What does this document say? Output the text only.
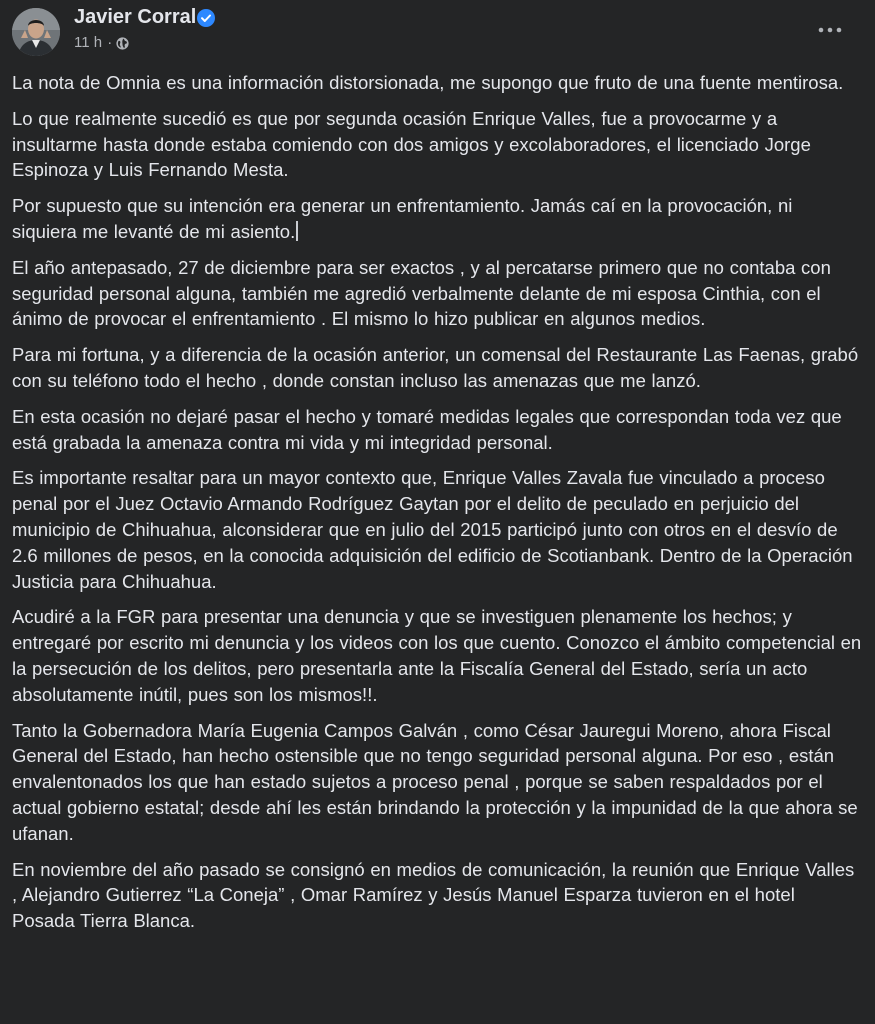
Javier Corral
11 h ·

La nota de Omnia es una información distorsionada, me supongo que fruto de una fuente mentirosa.

Lo que realmente sucedió es que por segunda ocasión Enrique Valles, fue a provocarme y a insultarme hasta donde estaba comiendo con dos amigos y excolaboradores, el licenciado Jorge Espinoza y Luis Fernando Mesta.

Por supuesto que su intención era generar un enfrentamiento. Jamás caí en la provocación, ni siquiera me levanté de mi asiento.

El año antepasado, 27 de diciembre para ser exactos , y al percatarse primero que no contaba con seguridad personal alguna, también me agredió verbalmente delante de mi esposa Cinthia, con el ánimo de provocar el enfrentamiento . El mismo lo hizo publicar en algunos medios.

Para mi fortuna, y a diferencia de la ocasión anterior, un comensal del Restaurante Las Faenas, grabó con su teléfono todo el hecho , donde constan incluso las amenazas que me lanzó.

En esta ocasión no dejaré pasar el hecho y tomaré medidas legales que correspondan toda vez que está grabada la amenaza contra mi vida y mi integridad personal.

Es importante resaltar para un mayor contexto que, Enrique Valles Zavala fue vinculado a proceso penal por el Juez Octavio Armando Rodríguez Gaytan por el delito de peculado en perjuicio del municipio de Chihuahua, alconsiderar que en julio del 2015 participó junto con otros en el desvío de 2.6 millones de pesos, en la conocida adquisición del edificio de Scotianbank. Dentro de la Operación Justicia para Chihuahua.

Acudiré a la FGR para presentar una denuncia y que se investiguen plenamente los hechos; y entregaré por escrito mi denuncia y los videos con los que cuento. Conozco el ámbito competencial en la persecución de los delitos, pero presentarla ante la Fiscalía General del Estado, sería un acto absolutamente inútil, pues son los mismos!!.

Tanto la Gobernadora María Eugenia Campos Galván , como César Jauregui Moreno, ahora Fiscal General del Estado, han hecho ostensible que no tengo seguridad personal alguna. Por eso , están envalentonados los que han estado sujetos a proceso penal , porque se saben respaldados por el actual gobierno estatal; desde ahí les están brindando la protección y la impunidad de la que ahora se ufanan.

En noviembre del año pasado se consignó en medios de comunicación, la reunión que Enrique Valles , Alejandro Gutierrez “La Coneja” , Omar Ramírez y Jesús Manuel Esparza tuvieron en el hotel Posada Tierra Blanca.
